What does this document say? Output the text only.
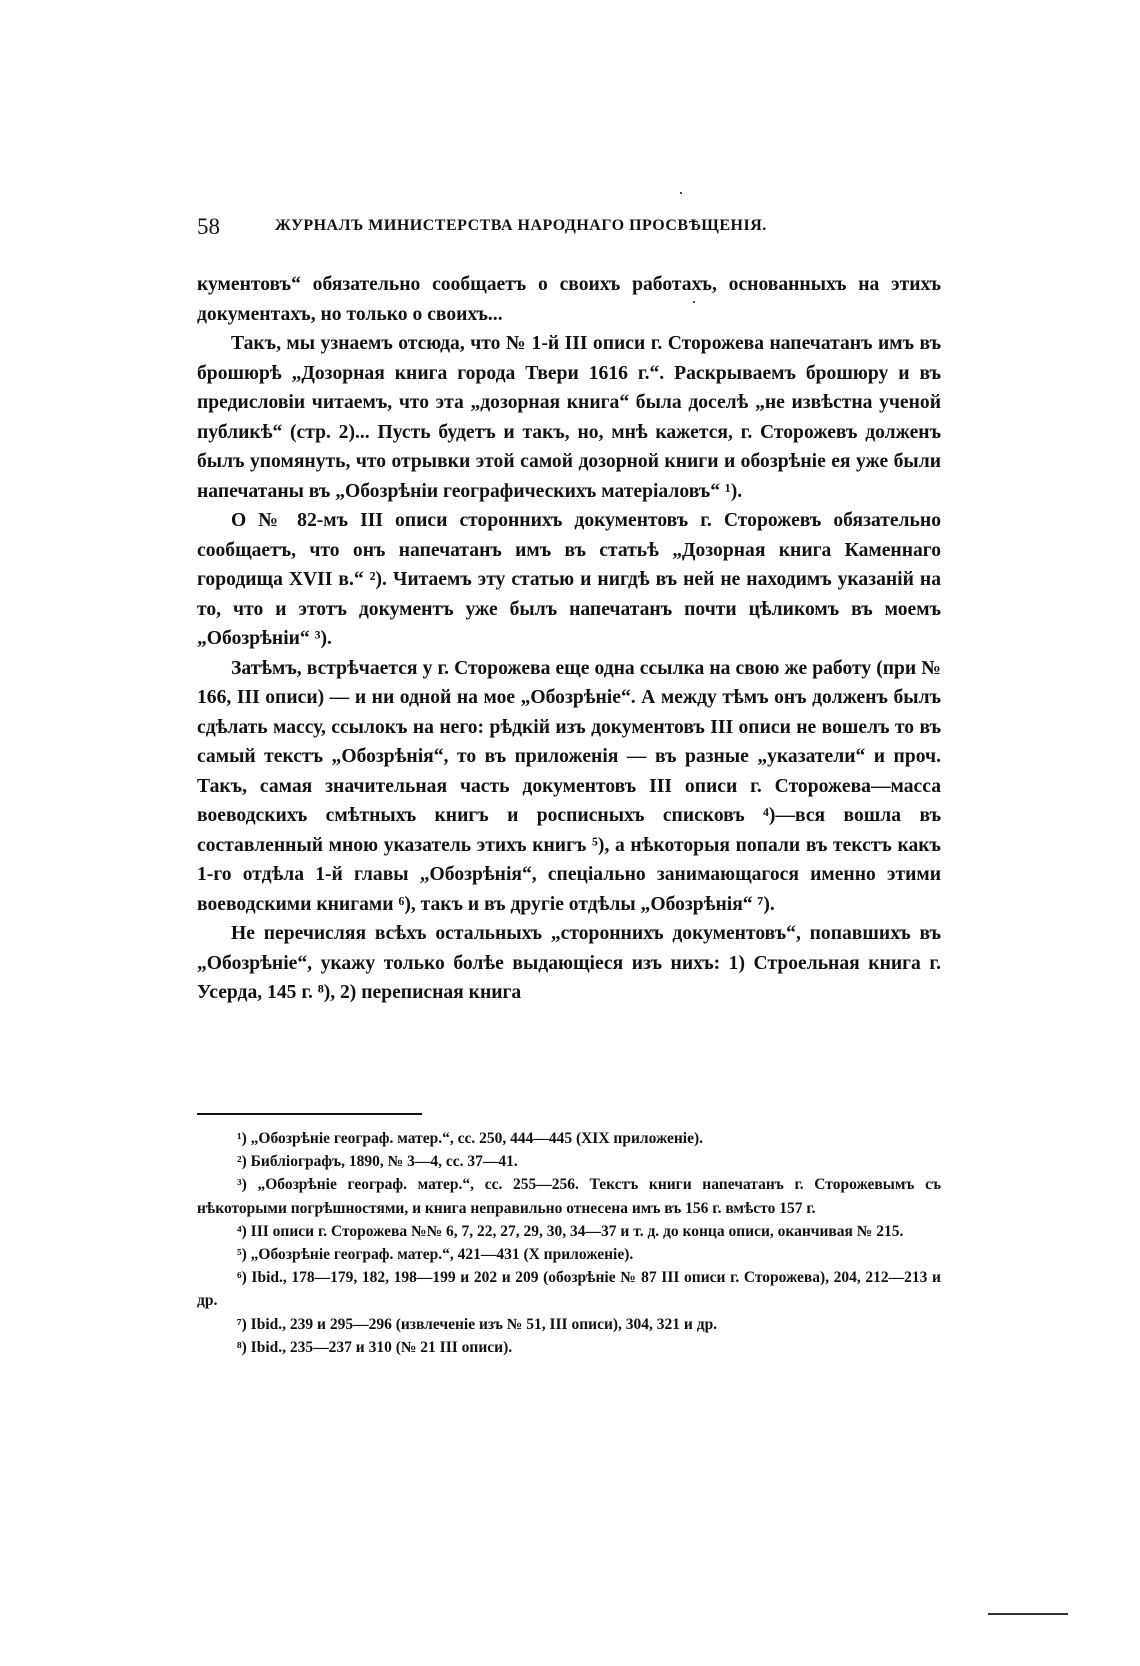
58	ЖУРНАЛЪ МИНИСТЕРСТВА НАРОДНАГО ПРОСВѢЩЕНІЯ.

кументовъ“ обязательно сообщаетъ о своихъ работахъ, основанныхъ на этихъ документахъ, но только о своихъ...

Такъ, мы узнаемъ отсюда, что № 1-й III описи г. Сторожева напечатанъ имъ въ брошюрѣ „Дозорная книга города Твери 1616 г.“. Раскрываемъ брошюру и въ предисловіи читаемъ, что эта „дозорная книга“ была доселѣ „не извѣстна ученой публикѣ“ (стр. 2)... Пусть будетъ и такъ, но, мнѣ кажется, г. Сторожевъ долженъ былъ упомянуть, что отрывки этой самой дозорной книги и обозрѣніе ея уже были напечатаны въ „Обозрѣніи географическихъ матеріаловъ“ ¹).

О № 82-мъ III описи стороннихъ документовъ г. Сторожевъ обязательно сообщаетъ, что онъ напечатанъ имъ въ статьѣ „Дозорная книга Каменнаго городища XVII в.“ ²). Читаемъ эту статью и нигдѣ въ ней не находимъ указаній на то, что и этотъ документъ уже былъ напечатанъ почти цѣликомъ въ моемъ „Обозрѣніи“ ³).

Затѣмъ, встрѣчается у г. Сторожева еще одна ссылка на свою же работу (при № 166, III описи) — и ни одной на мое „Обозрѣніе“. А между тѣмъ онъ долженъ былъ сдѣлать массу, ссылокъ на него: рѣдкій изъ документовъ III описи не вошелъ то въ самый текстъ „Обозрѣнія“, то въ приложенія — въ разные „указатели“ и проч. Такъ, самая значительная часть документовъ III описи г. Сторожева—масса воеводскихъ смѣтныхъ книгъ и росписныхъ списковъ ⁴)—вся вошла въ составленный мною указатель этихъ книгъ ⁵), а нѣкоторыя попали въ текстъ какъ 1-го отдѣла 1-й главы „Обозрѣнія“, спеціально занимающагося именно этими воеводскими книгами ⁶), такъ и въ другіе отдѣлы „Обозрѣнія“ ⁷).

Не перечисляя всѣхъ остальныхъ „стороннихъ документовъ“, попавшихъ въ „Обозрѣніе“, укажу только болѣе выдающіеся изъ нихъ: 1) Строельная книга г. Усерда, 145 г. ⁸), 2) переписная книга

¹) „Обозрѣніе географ. матер.“, сс. 250, 444—445 (XIX приложеніе).

²) Библіографъ, 1890, № 3—4, сс. 37—41.

³) „Обозрѣніе географ. матер.“, сс. 255—256. Текстъ книги напечатанъ г. Сторожевымъ съ нѣкоторыми погрѣшностями, и книга неправильно отнесена имъ въ 156 г. вмѣсто 157 г.

⁴) III описи г. Сторожева №№ 6, 7, 22, 27, 29, 30, 34—37 и т. д. до конца описи, оканчивая № 215.

⁵) „Обозрѣніе географ. матер.“, 421—431 (X приложеніе).

⁶) Ibid., 178—179, 182, 198—199 и 202 и 209 (обозрѣніе № 87 III описи г. Сторожева), 204, 212—213 и др.

⁷) Ibid., 239 и 295—296 (извлеченіе изъ № 51, III описи), 304, 321 и др.

⁸) Ibid., 235—237 и 310 (№ 21 III описи).
